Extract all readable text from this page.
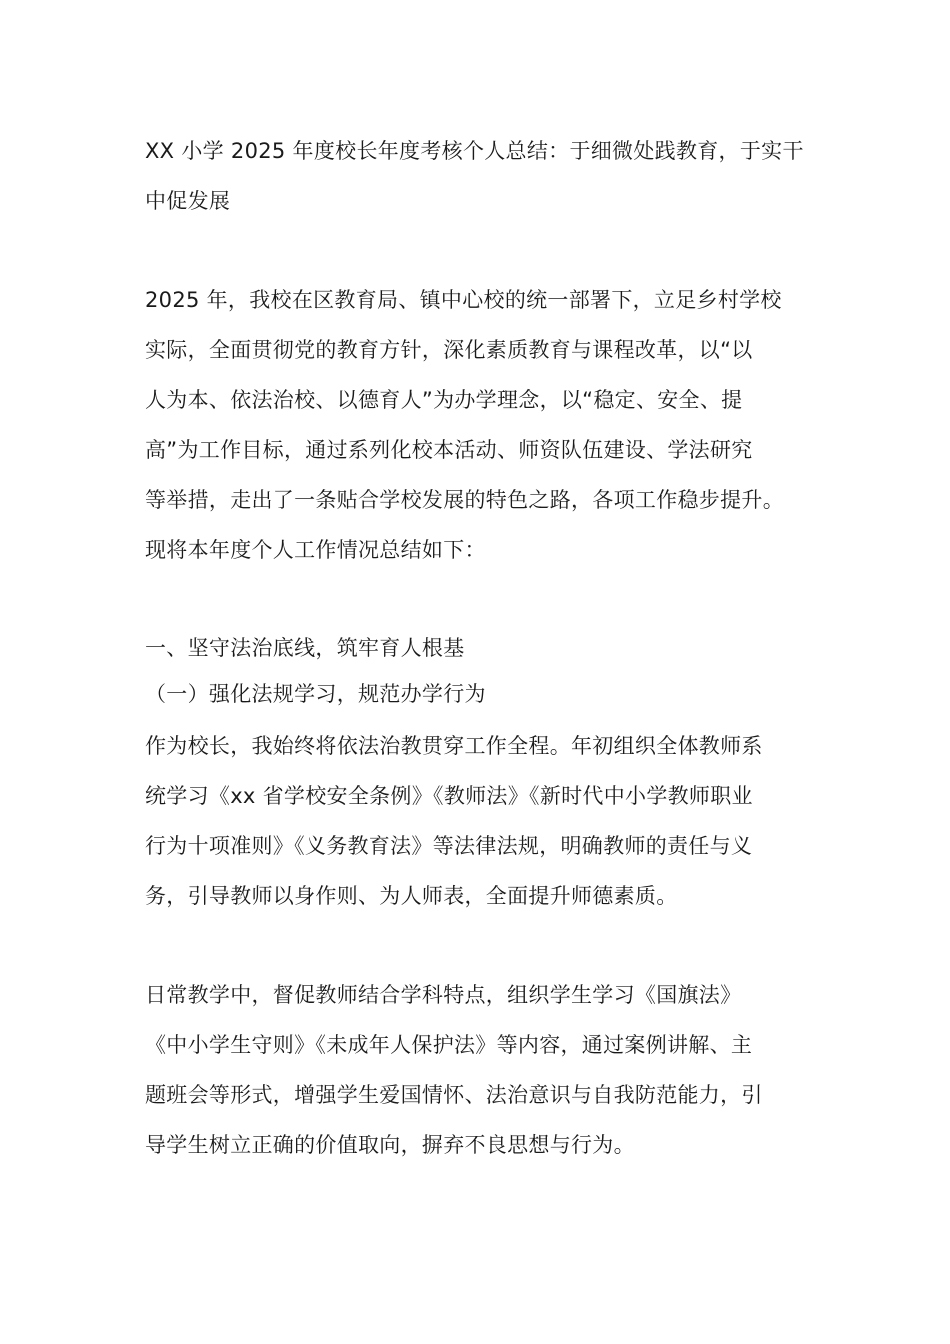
XX 小学 2025 年度校长年度考核个人总结：于细微处践教育，于实干
中促发展
2025 年，我校在区教育局、镇中心校的统一部署下，立足乡村学校
实际，全面贯彻党的教育方针，深化素质教育与课程改革，以“以
人为本、依法治校、以德育人”为办学理念，以“稳定、安全、提
高”为工作目标，通过系列化校本活动、师资队伍建设、学法研究
等举措，走出了一条贴合学校发展的特色之路，各项工作稳步提升。
现将本年度个人工作情况总结如下：
一、坚守法治底线，筑牢育人根基
（一）强化法规学习，规范办学行为
作为校长，我始终将依法治教贯穿工作全程。年初组织全体教师系
统学习《xx 省学校安全条例》《教师法》《新时代中小学教师职业
行为十项准则》《义务教育法》等法律法规，明确教师的责任与义
务，引导教师以身作则、为人师表，全面提升师德素质。
日常教学中，督促教师结合学科特点，组织学生学习《国旗法》
《中小学生守则》《未成年人保护法》等内容，通过案例讲解、主
题班会等形式，增强学生爱国情怀、法治意识与自我防范能力，引
导学生树立正确的价值取向，摒弃不良思想与行为。
